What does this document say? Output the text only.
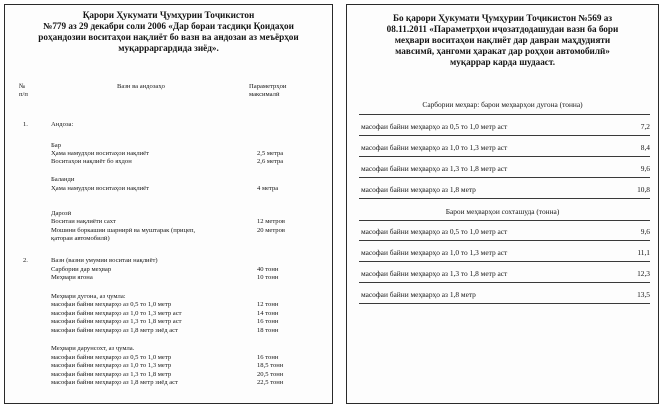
Қарори Ҳукумати Ҷумҳурии Тоҷикистон
№779 аз 29 декабри соли 2006 «Дар бораи тасдиқи Қоидаҳои
роҳандозии воситаҳои нақлиёт бо вазн ва андозаи аз меъёрҳои
муқарраргардида зиёд».
№
п/п
Вазн ва андозаҳо	Параметрҳои
максималӣ
1.	Андоза:
Бар
Ҳама намудҳои воситаҳои нақлиёт	2,5 метра
Воситаҳои нақлиёт бо яхдон	2,6 метра
Баланди
Ҳама намудҳои воситаҳои нақлиёт	4 метра
Дарозӣ
Воситаи нақлиёти сахт	12 метров
Мошини боркашии шарнирӣ ва муштарак (прицеп,	20 метров
қатораи автомобилӣ)
2.	Вазн (вазни умумии воситаи нақлиёт)
Сарбории дар меҳвар	40 тонн
Меҳвари ягона	10 тонн
Меҳвари дугона, аз ҷумла:
масофаи байни меҳварҳо аз 0,5 то 1,0 метр	12 тонн
масофаи байни меҳварҳо аз 1,0 то 1,3 метр аст	14 тонн
масофаи байни меҳварҳо аз 1,3 то 1,8 метр аст	16 тонн
масофаи байни меҳварҳо аз 1,8 метр зиёд аст	18 тонн
Меҳвари дарунсохт, аз ҷумла.
масофаи байни меҳварҳо аз 0,5 то 1,0 метр	16 тонн
масофаи байни меҳварҳо аз 1,0 то 1,3 метр	18,5 тонн
масофаи байни меҳварҳо аз 1,3 то 1,8 метр	20,5 тонн
масофаи байни меҳварҳо аз 1,8 метр зиёд аст	22,5 тонн
Бо қарори Ҳукумати Ҷумҳурии Тоҷикистон №569 аз
08.11.2011 «Параметрҳои иҷозатдодашудаи вазн ба бори
меҳвари воситаҳои нақлиёт дар давраи маҳдудияти
мавсимӣ, ҳангоми ҳаракат дар роҳҳои автомобилӣ»
муқаррар карда шудааст.
Сарбории меҳвар: барои меҳварҳои дугона (тонна)
Барои меҳварҳои сохташуда (тонна)
масофаи байни меҳварҳо аз 0,5 то 1,0 метр аст	7,2
масофаи байни меҳварҳо аз 1,0 то 1,3 метр аст	8,4
масофаи байни меҳварҳо аз 1,3 то 1,8 метр аст	9,6
масофаи байни меҳварҳо аз 1,8 метр	10,8
масофаи байни меҳварҳо аз 0,5 то 1,0 метр аст	9,6
масофаи байни меҳварҳо аз 1,0 то 1,3 метр аст	11,1
масофаи байни меҳварҳо аз 1,3 то 1,8 метр аст	12,3
масофаи байни меҳварҳо аз 1,8 метр	13,5
